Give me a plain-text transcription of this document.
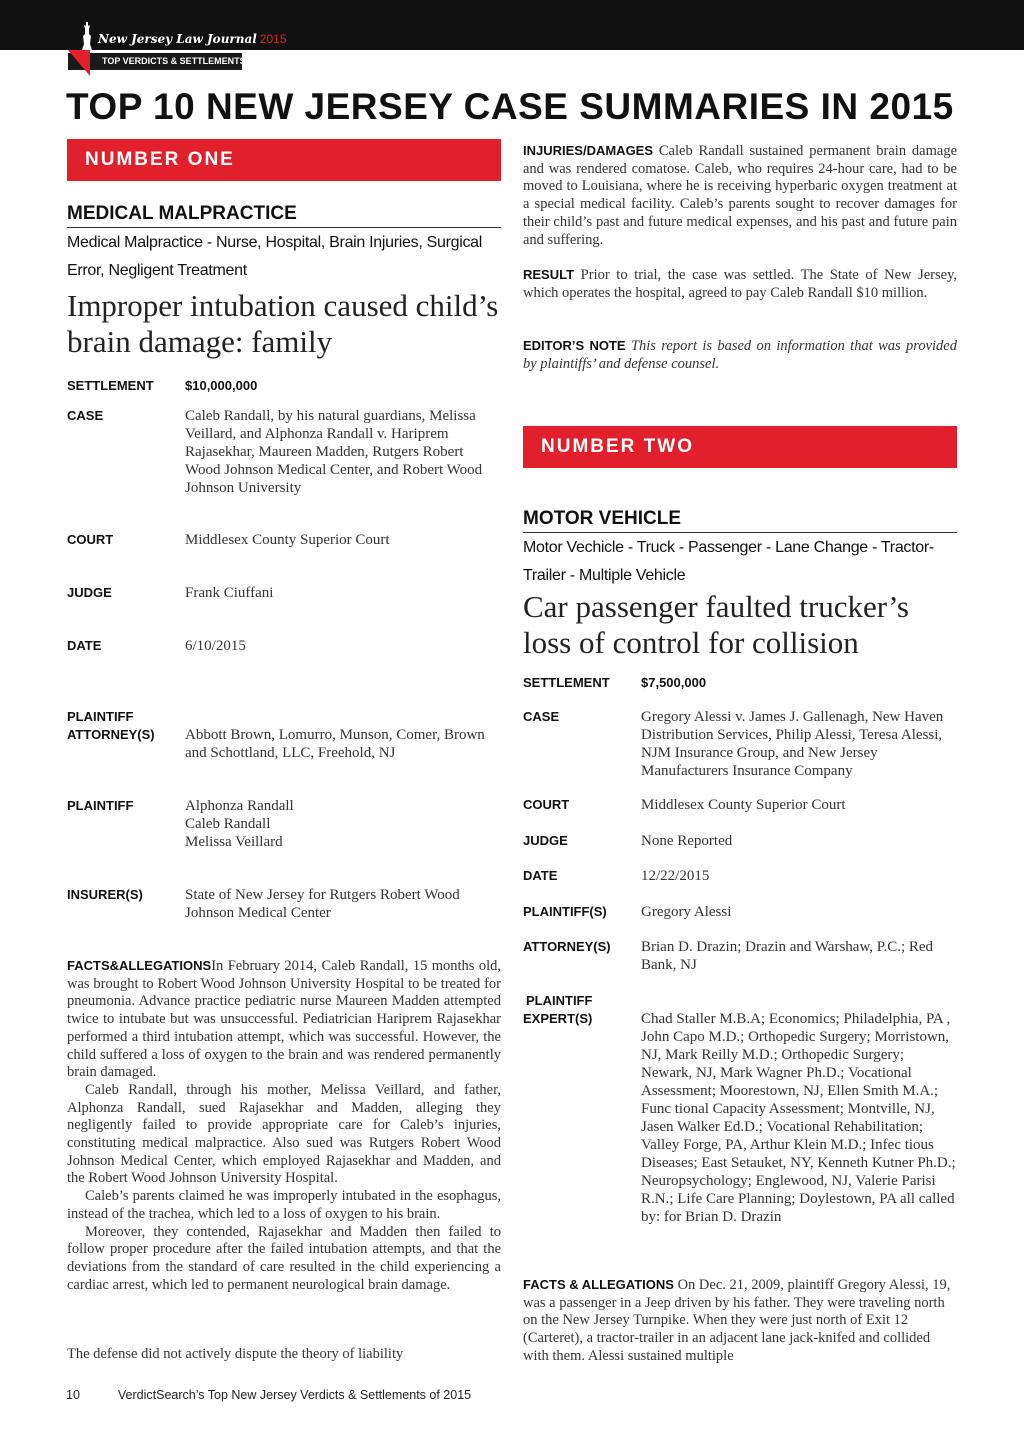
New Jersey Law Journal 2015
TOP VERDICTS & SETTLEMENTS NJ
TOP 10 NEW JERSEY CASE SUMMARIES IN 2015
NUMBER ONE
MEDICAL MALPRACTICE
Medical Malpractice - Nurse, Hospital, Brain Injuries, Surgical Error, Negligent Treatment
Improper intubation caused child’s brain damage: family
SETTLEMENT $10,000,000
CASE	Caleb Randall, by his natural guardians, Melissa Veillard, and Alphonza Randall v. Hariprem Rajasekhar, Maureen Madden, Rutgers Robert Wood Johnson Medical Center, and Robert Wood Johnson University
COURT	Middlesex County Superior Court
JUDGE	Frank Ciuffani
DATE	6/10/2015
PLAINTIFF
ATTORNEY(S) Abbott Brown, Lomurro, Munson, Comer, Brown and Schottland, LLC, Freehold, NJ
PLAINTIFF	Alphonza Randall
Caleb Randall
Melissa Veillard
INSURER(S)	State of New Jersey for Rutgers Robert Wood Johnson Medical Center
FACTS&ALLEGATIONSIn February 2014, Caleb Randall, 15 months old, was brought to Robert Wood Johnson University Hospital to be treated for pneumonia. Advance practice pediatric nurse Maureen Madden attempted twice to intubate but was unsuccessful. Pediatrician Hariprem Rajasekhar performed a third intubation attempt, which was successful. However, the child suffered a loss of oxygen to the brain and was rendered permanently brain damaged.
Caleb Randall, through his mother, Melissa Veillard, and father, Alphonza Randall, sued Rajasekhar and Madden, alleging they negligently failed to provide appropriate care for Caleb’s injuries, constituting medical malpractice. Also sued was Rutgers Robert Wood Johnson Medical Center, which employed Rajasekhar and Madden, and the Robert Wood Johnson University Hospital.
Caleb’s parents claimed he was improperly intubated in the esophagus, instead of the trachea, which led to a loss of oxygen to his brain.
Moreover, they contended, Rajasekhar and Madden then failed to follow proper procedure after the failed intubation attempts, and that the deviations from the standard of care resulted in the child experiencing a cardiac arrest, which led to permanent neurological brain damage.
The defense did not actively dispute the theory of liability
INJURIES/DAMAGES Caleb Randall sustained permanent brain damage and was rendered comatose. Caleb, who requires 24-hour care, had to be moved to Louisiana, where he is receiving hyperbaric oxygen treatment at a special medical facility. Caleb’s parents sought to recover damages for their child’s past and future medical expenses, and his past and future pain and suffering.
RESULT Prior to trial, the case was settled. The State of New Jersey, which operates the hospital, agreed to pay Caleb Randall $10 million.
EDITOR’S NOTE This report is based on information that was provided by plaintiffs’ and defense counsel.
NUMBER TWO
MOTOR VEHICLE
Motor Vechicle - Truck - Passenger - Lane Change - Tractor-Trailer - Multiple Vehicle
Car passenger faulted trucker’s loss of control for collision
SETTLEMENT $7,500,000
CASE	Gregory Alessi v. James J. Gallenagh, New Haven Distribution Services, Philip Alessi, Teresa Alessi, NJM Insurance Group, and New Jersey Manufacturers Insurance Company
COURT	Middlesex County Superior Court
JUDGE	None Reported
DATE	12/22/2015
PLAINTIFF(S) Gregory Alessi
ATTORNEY(S) Brian D. Drazin; Drazin and Warshaw, P.C.; Red Bank, NJ
PLAINTIFF
EXPERT(S)	Chad Staller M.B.A; Economics; Philadelphia, PA , John Capo M.D.; Orthopedic Surgery; Morristown, NJ, Mark Reilly M.D.; Orthopedic Surgery; Newark, NJ, Mark Wagner Ph.D.; Vocational Assessment; Moorestown, NJ, Ellen Smith M.A.; Func tional Capacity Assessment; Montville, NJ, Jasen Walker Ed.D.; Vocational Rehabilitation; Valley Forge, PA, Arthur Klein M.D.; Infec tious Diseases; East Setauket, NY, Kenneth Kutner Ph.D.; Neuropsychology; Englewood, NJ, Valerie Parisi R.N.; Life Care Planning; Doylestown, PA all called by: for Brian D. Drazin
FACTS & ALLEGATIONS On Dec. 21, 2009, plaintiff Gregory Alessi, 19, was a passenger in a Jeep driven by his father. They were traveling north on the New Jersey Turnpike. When they were just north of Exit 12 (Carteret), a tractor-trailer in an adjacent lane jack-knifed and collided with them. Alessi sustained multiple
10	VerdictSearch’s Top New Jersey Verdicts & Settlements of 2015
